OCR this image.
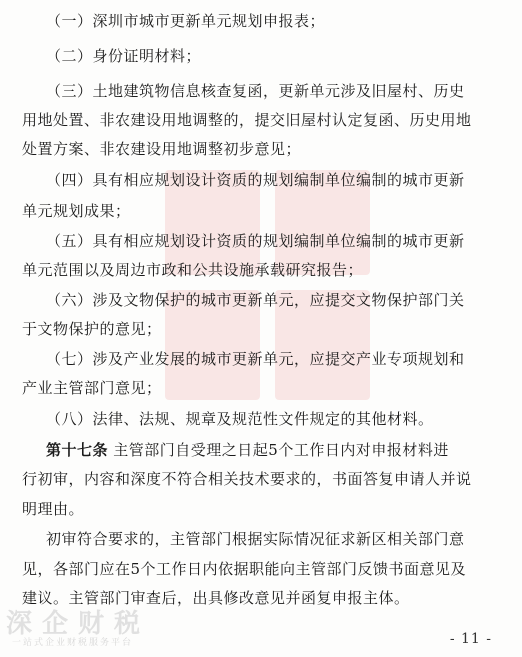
（一）深圳市城市更新单元规划申报表；
（二）身份证明材料；
（三）土地建筑物信息核查复函，更新单元涉及旧屋村、历史
用地处置、非农建设用地调整的，提交旧屋村认定复函、历史用地
处置方案、非农建设用地调整初步意见；
（四）具有相应规划设计资质的规划编制单位编制的城市更新
单元规划成果；
（五）具有相应规划设计资质的规划编制单位编制的城市更新
单元范围以及周边市政和公共设施承载研究报告；
（六）涉及文物保护的城市更新单元，应提交文物保护部门关
于文物保护的意见；
（七）涉及产业发展的城市更新单元，应提交产业专项规划和
产业主管部门意见；
（八）法律、法规、规章及规范性文件规定的其他材料。
第十七条 主管部门自受理之日起5个工作日内对申报材料进
行初审，内容和深度不符合相关技术要求的，书面答复申请人并说
明理由。
初审符合要求的，主管部门根据实际情况征求新区相关部门意
见，各部门应在5个工作日内依据职能向主管部门反馈书面意见及
建议。主管部门审查后，出具修改意见并函复申报主体。
深企财税
一站式企业财税服务平台	- 11 -
